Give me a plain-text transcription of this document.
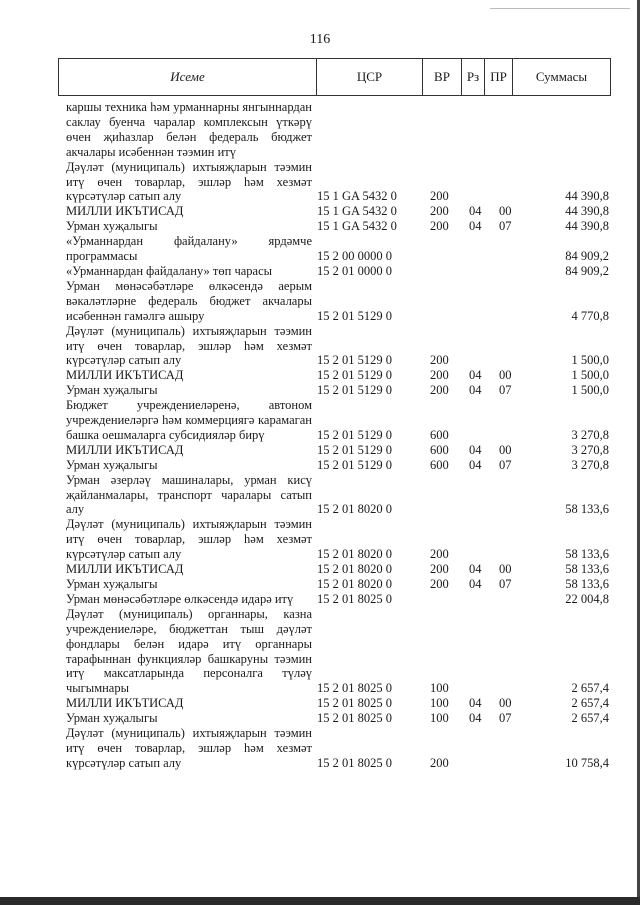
116
Исеме	ЦСР	ВР	Рз	ПР	Суммасы
каршы техника һәм урманнарны янгыннардан саклау буенча чаралар комплексын үткәрү өчен җиһазлар белән федераль бюджет акчалары исәбеннән тәэмин итү
Дәүләт (муниципаль) ихтыяҗларын тәэмин итү өчен товарлар, эшләр һәм хезмәт күрсәтүләр сатып алу	15 1 GA 5432 0	200	44 390,8
МИЛЛИ ИКЪТИСАД	15 1 GA 5432 0	200 04 00	44 390,8
Урман хуҗалыгы	15 1 GA 5432 0	200 04 07	44 390,8
«Урманнардан файдалану» ярдәмче программасы	15 2 00 0000 0	84 909,2
«Урманнардан файдалану» төп чарасы	15 2 01 0000 0	84 909,2
Урман мөнәсәбәтләре өлкәсендә аерым вәкаләтләрне федераль бюджет акчалары исәбеннән гамәлгә ашыру	15 2 01 5129 0	4 770,8
Дәүләт (муниципаль) ихтыяҗларын тәэмин итү өчен товарлар, эшләр һәм хезмәт күрсәтүләр сатып алу	15 2 01 5129 0	200	1 500,0
МИЛЛИ ИКЪТИСАД	15 2 01 5129 0	200 04 00	1 500,0
Урман хуҗалыгы	15 2 01 5129 0	200 04 07	1 500,0
Бюджет учреждениеләренә, автоном учреждениеләргә һәм коммерциягә карамаган башка оешмаларга субсидияләр бирү	15 2 01 5129 0	600	3 270,8
МИЛЛИ ИКЪТИСАД	15 2 01 5129 0	600 04 00	3 270,8
Урман хуҗалыгы	15 2 01 5129 0	600 04 07	3 270,8
Урман әзерләү машиналары, урман кисү җайланмалары, транспорт чаралары сатып алу	15 2 01 8020 0	58 133,6
Дәүләт (муниципаль) ихтыяҗларын тәэмин итү өчен товарлар, эшләр һәм хезмәт күрсәтүләр сатып алу	15 2 01 8020 0	200	58 133,6
МИЛЛИ ИКЪТИСАД	15 2 01 8020 0	200 04 00	58 133,6
Урман хуҗалыгы	15 2 01 8020 0	200 04 07	58 133,6
Урман мөнәсәбәтләре өлкәсендә идарә итү	15 2 01 8025 0	22 004,8
Дәүләт (муниципаль) органнары, казна учреждениеләре, бюджеттан тыш дәүләт фондлары белән идарә итү органнары тарафыннан функцияләр башкаруны тәэмин итү максатларында персоналга түләү чыгымнары	15 2 01 8025 0	100	2 657,4
МИЛЛИ ИКЪТИСАД	15 2 01 8025 0	100 04 00	2 657,4
Урман хуҗалыгы	15 2 01 8025 0	100 04 07	2 657,4
Дәүләт (муниципаль) ихтыяҗларын тәэмин итү өчен товарлар, эшләр һәм хезмәт күрсәтүләр сатып алу	15 2 01 8025 0	200	10 758,4
